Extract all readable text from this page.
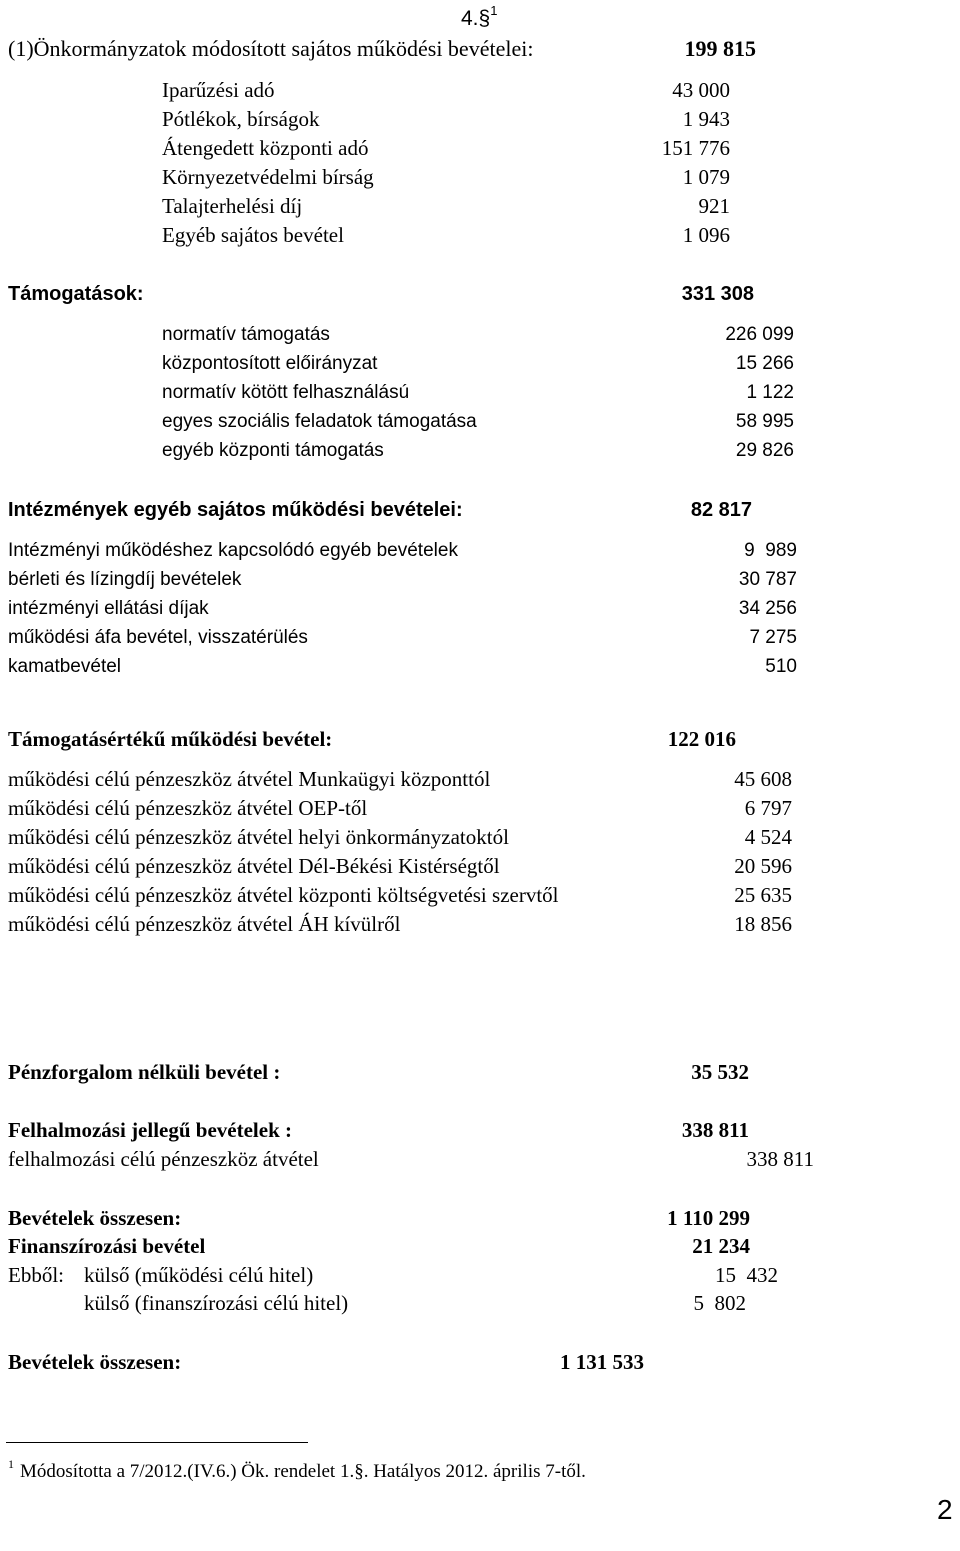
4.§$^1$
(1)Önkormányzatok módosított sajátos működési bevételei:	199 815
Iparűzési adó	43 000
Pótlékok, bírságok	1 943
Átengedett központi adó	151 776
Környezetvédelmi bírság	1 079
Talajterhelési díj	921
Egyéb sajátos bevétel	1 096
Támogatások:	331 308
normatív támogatás	226 099
központosított előirányzat	15 266
normatív kötött felhasználású	1 122
egyes szociális feladatok támogatása	58 995
egyéb központi támogatás	29 826
Intézmények egyéb sajátos működési bevételei:	82 817
Intézményi működéshez kapcsolódó egyéb bevételek	9  989
bérleti és lízingdíj bevételek	30 787
intézményi ellátási díjak	34 256
működési áfa bevétel, visszatérülés	7 275
kamatbevétel	510
Támogatásértékű működési bevétel:	122 016
működési célú pénzeszköz átvétel Munkaügyi központtól	45 608
működési célú pénzeszköz átvétel OEP-től	6 797
működési célú pénzeszköz átvétel helyi önkormányzatoktól	4 524
működési célú pénzeszköz átvétel Dél-Békési Kistérségtől	20 596
működési célú pénzeszköz átvétel központi költségvetési szervtől	25 635
működési célú pénzeszköz átvétel ÁH kívülről	18 856
Pénzforgalom nélküli bevétel :	35 532
Felhalmozási jellegű bevételek :	338 811
felhalmozási célú pénzeszköz átvétel	338 811
Bevételek összesen:	1 110 299
Finanszírozási bevétel	21 234
Ebből: külső (működési célú hitel)	15  432
külső (finanszírozási célú hitel)	5  802
Bevételek összesen:	1 131 533
$^1$ Módosította a 7/2012.(IV.6.) Ök. rendelet 1.§. Hatályos 2012. április 7-től.
2
